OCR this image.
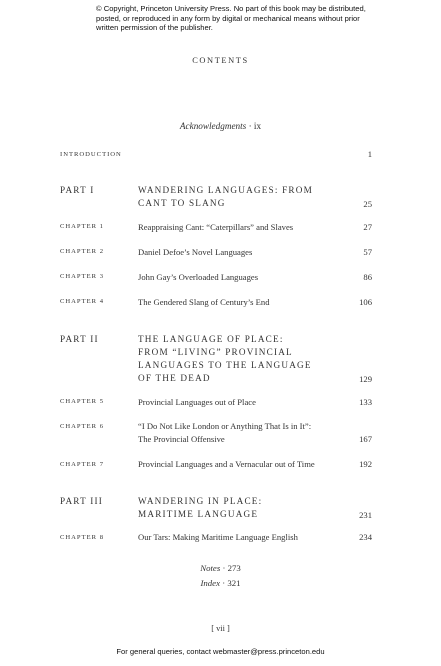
© Copyright, Princeton University Press. No part of this book may be distributed, posted, or reproduced in any form by digital or mechanical means without prior written permission of the publisher.
CONTENTS
Acknowledgments · ix
INTRODUCTION	1
PART I	WANDERING LANGUAGES: FROM CANT TO SLANG	25
CHAPTER 1	Reappraising Cant: “Caterpillars” and Slaves	27
CHAPTER 2	Daniel Defoe’s Novel Languages	57
CHAPTER 3	John Gay’s Overloaded Languages	86
CHAPTER 4	The Gendered Slang of Century’s End	106
PART II	THE LANGUAGE OF PLACE: FROM “LIVING” PROVINCIAL LANGUAGES TO THE LANGUAGE OF THE DEAD	129
CHAPTER 5	Provincial Languages out of Place	133
CHAPTER 6	“I Do Not Like London or Anything That Is in It”: The Provincial Offensive	167
CHAPTER 7	Provincial Languages and a Vernacular out of Time	192
PART III	WANDERING IN PLACE: MARITIME LANGUAGE	231
CHAPTER 8	Our Tars: Making Maritime Language English	234
Notes · 273
Index · 321
[ vii ]
For general queries, contact webmaster@press.princeton.edu
